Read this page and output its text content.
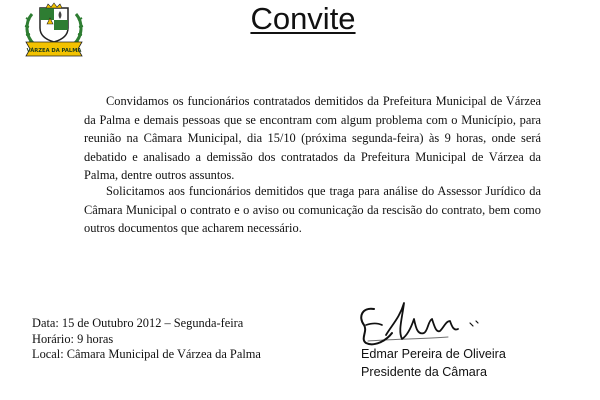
VÁRZEA DA PALMA
Convite

Convidamos os funcionários contratados demitidos da Prefeitura Municipal de Várzea da Palma e demais pessoas que se encontram com algum problema com o Município, para reunião na Câmara Municipal, dia 15/10 (próxima segunda-feira) às 9 horas, onde será debatido e analisado a demissão dos contratados da Prefeitura Municipal de Várzea da Palma, dentre outros assuntos.

Solicitamos aos funcionários demitidos que traga para análise do Assessor Jurídico da Câmara Municipal o contrato e o aviso ou comunicação da rescisão do contrato, bem como outros documentos que acharem necessário.

Data: 15 de Outubro 2012 – Segunda-feira
Horário: 9 horas
Local: Câmara Municipal de Várzea da Palma	Edmar Pereira de Oliveira
Presidente da Câmara
